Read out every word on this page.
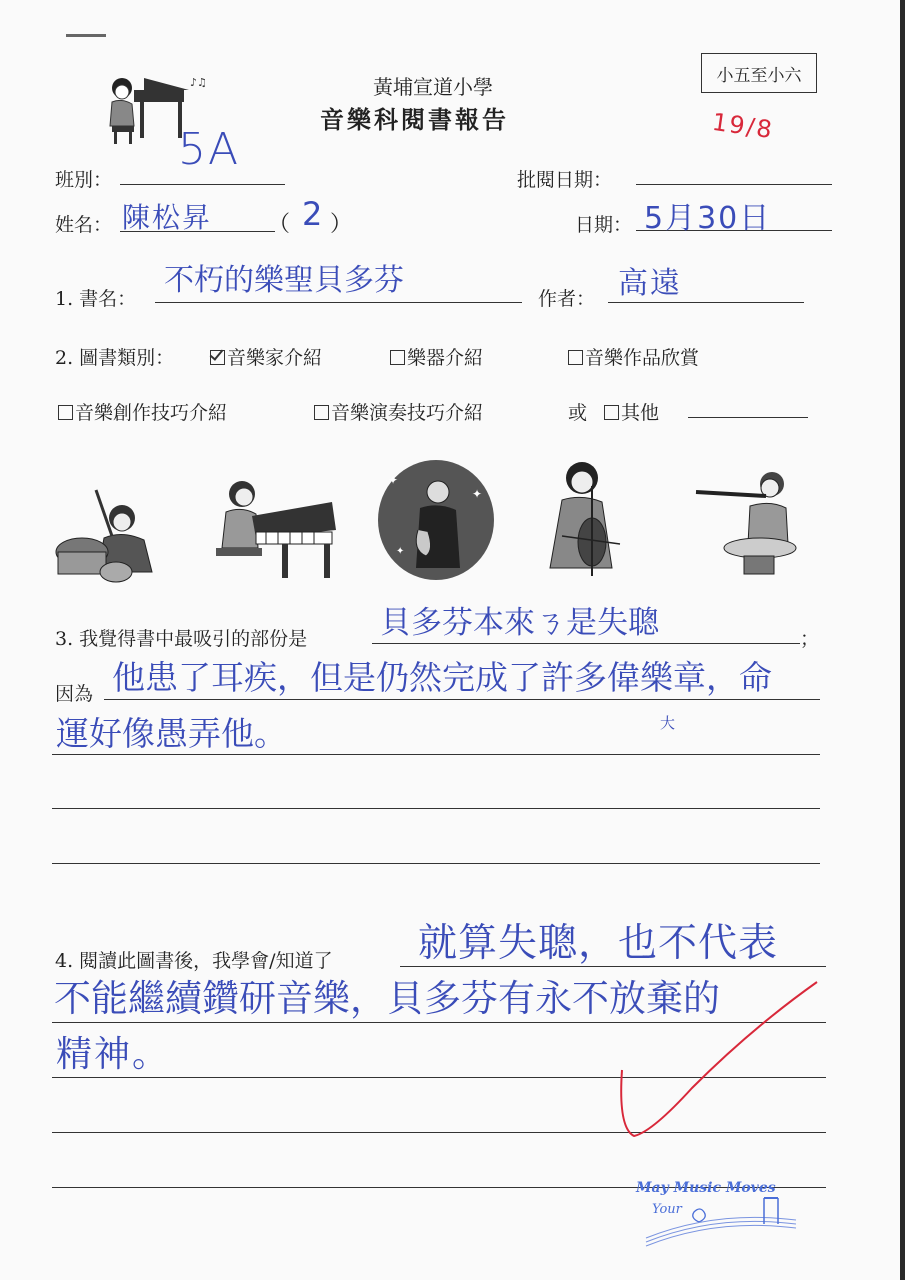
♪♫	黃埔宣道小學
音樂科閱書報告
小五至小六
19/8
班別：
5A
批閱日期：
姓名： 陳松昇	（ 2 ）	日期： 5月30日
1. 書名：
不朽的樂聖貝多芬
作者： 高遠
2. 圖書類別：	音樂家介紹	樂器介紹	音樂作品欣賞
音樂創作技巧介紹	音樂演奏技巧介紹	或	其他
✦
✦
✦
3. 我覺得書中最吸引的部份是 貝多芬本來ㄋ是失聰	；
因為 他患了耳疾，但是仍然完成了許多偉樂章，命
大
運好像愚弄他。
4. 閱讀此圖書後，我學會/知道了 就算失聰，也不代表
不能繼續鑽研音樂，貝多芬有永不放棄的
精神。
May Music Moves
Your
